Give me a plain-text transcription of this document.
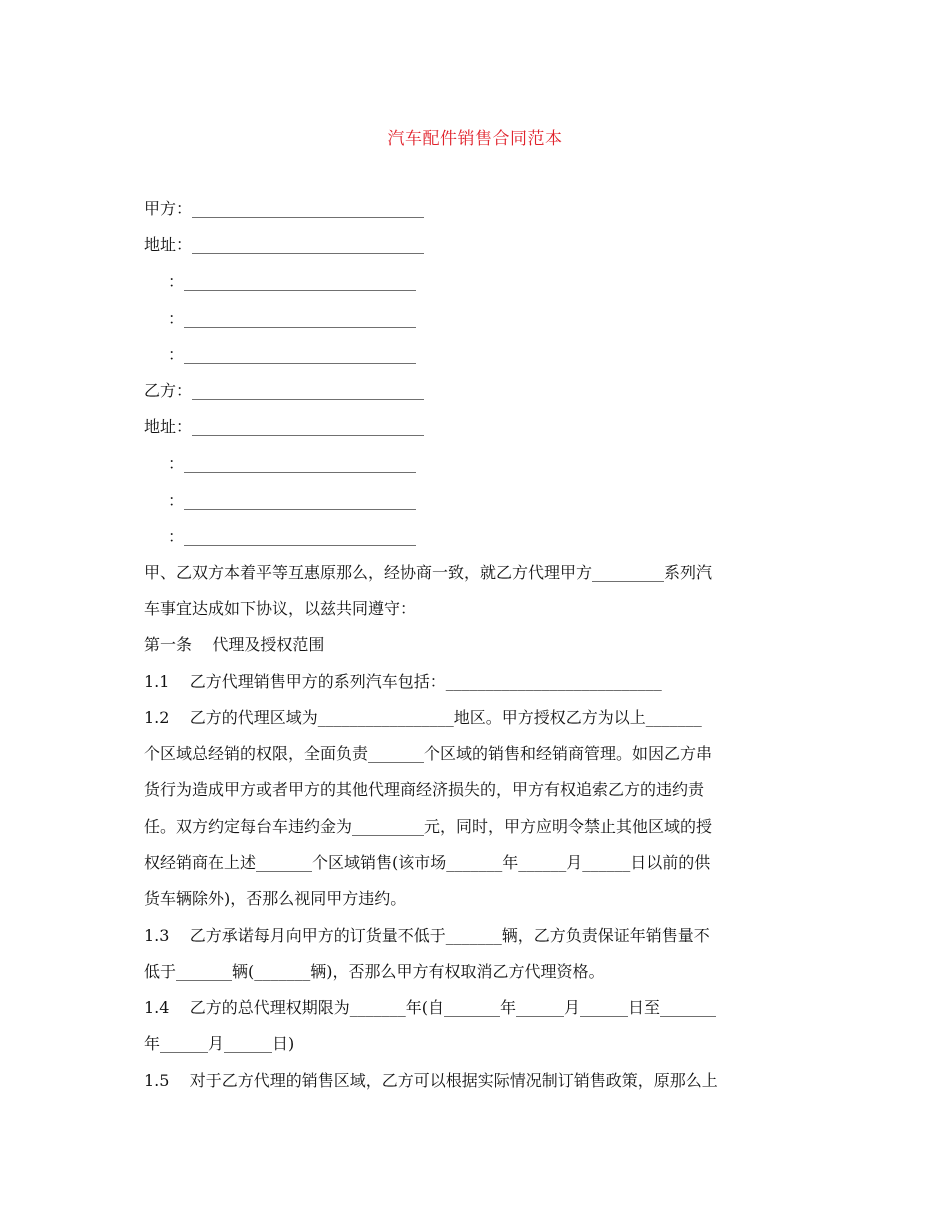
汽车配件销售合同范本
甲方：_____________________________
地址：_____________________________
：_____________________________
：_____________________________
：_____________________________
乙方：_____________________________
地址：_____________________________
：_____________________________
：_____________________________
：_____________________________
甲、乙双方本着平等互惠原那么，经协商一致，就乙方代理甲方_________系列汽
车事宜达成如下协议，以兹共同遵守：
第一条    代理及授权范围
1.1    乙方代理销售甲方的系列汽车包括：___________________________
1.2    乙方的代理区域为_________________地区。甲方授权乙方为以上_______
个区域总经销的权限，全面负责_______个区域的销售和经销商管理。如因乙方串
货行为造成甲方或者甲方的其他代理商经济损失的，甲方有权追索乙方的违约责
任。双方约定每台车违约金为_________元，同时，甲方应明令禁止其他区域的授
权经销商在上述_______个区域销售(该市场_______年______月______日以前的供
货车辆除外)，否那么视同甲方违约。
1.3    乙方承诺每月向甲方的订货量不低于_______辆，乙方负责保证年销售量不
低于_______辆(_______辆)，否那么甲方有权取消乙方代理资格。
1.4    乙方的总代理权期限为_______年(自_______年______月______日至_______
年______月______日)
1.5    对于乙方代理的销售区域，乙方可以根据实际情况制订销售政策，原那么上
